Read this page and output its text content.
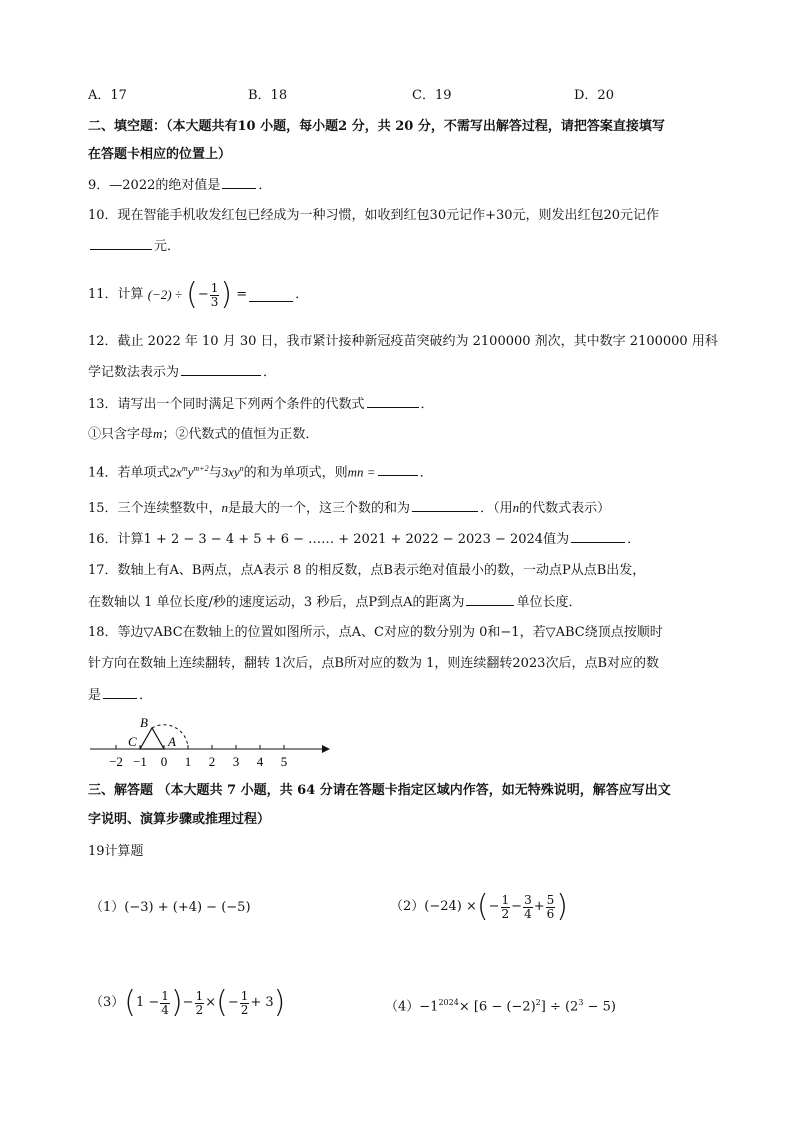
A．17	B．18	C．19	D．20
二、填空题：（本大题共有10 小题，每小题2 分，共 20 分，不需写出解答过程，请把答案直接填写
在答题卡相应的位置上）
9．—2022的绝对值是	．
10．现在智能手机收发红包已经成为一种习惯，如收到红包30元记作+30元，则发出红包20元记作
元．
11．计算 (−2) ÷ (− $\frac{1}{3}$ ) =	．
12．截止 2022 年 10 月 30 日，我市紧计接种新冠疫苗突破约为 2100000 剂次，其中数字 2100000 用科
学记数法表示为	．
13．请写出一个同时满足下列两个条件的代数式	．
①只含字母m；②代数式的值恒为正数．
14．若单项式$2x^my^{m+2}$与$3xy^n$的和为单项式，则mn =	．
15．三个连续整数中，n是最大的一个，这三个数的和为	．（用n的代数式表示）
16．计算1 + 2 − 3 − 4 + 5 + 6 − …… + 2021 + 2022 − 2023 − 2024值为	．
17．数轴上有A、B两点，点A表示 8 的相反数，点B表示绝对值最小的数，一动点P从点B出发，
在数轴以 1 单位长度/秒的速度运动，3 秒后，点P到点A的距离为	单位长度．
18．等边▽ABC在数轴上的位置如图所示，点A、C对应的数分别为 0和−1，若▽ABC绕顶点按顺时
针方向在数轴上连续翻转，翻转 1次后，点B所对应的数为 1，则连续翻转2023次后，点B对应的数
是	．
−2 −1 0 1 2 3 4 5
B
C A
三、解答题 （本大题共 7 小题，共 64 分请在答题卡指定区域内作答，如无特殊说明，解答应写出文
字说明、演算步骤或推理过程）
19计算题
（1）(−3) + (+4) − (−5)	（2）(−24) ×(− $\frac{1}{2} - \frac{3}{4} + \frac{5}{6}$ )
$(3)(1 - \frac{1}{4}$ )− $\frac{1}{2}$ ×(− $\frac{1}{2} + 3$)	$(4)-1^{2024}\times [6 - (-2)^2] \div (2^3 - 5)$
